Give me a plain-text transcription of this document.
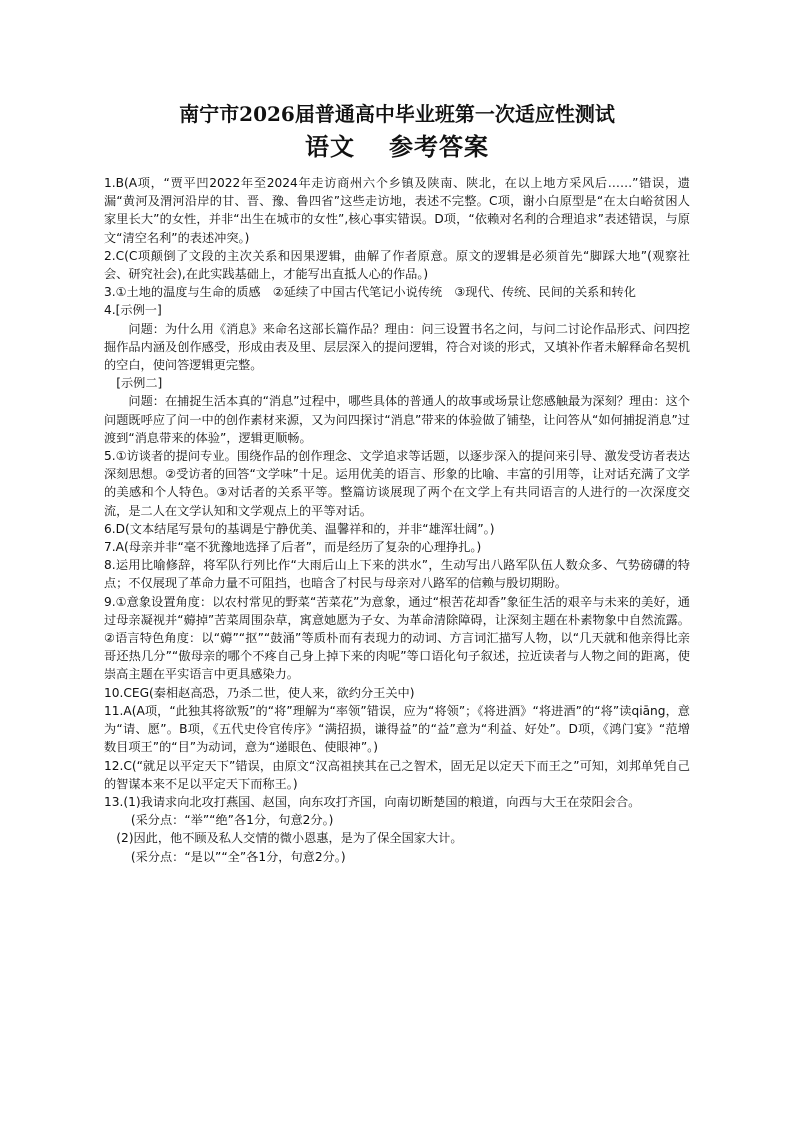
南宁市2026届普通高中毕业班第一次适应性测试
语文 参考答案

1.B(A项，“贾平凹2022年至2024年走访商州六个乡镇及陕南、陕北，在以上地方采风后……”错误，遗漏“黄河及渭河沿岸的甘、晋、豫、鲁四省”这些走访地，表述不完整。C项，谢小白原型是“在太白峪贫困人家里长大”的女性，并非“出生在城市的女性”,核心事实错误。D项，“依赖对名利的合理追求”表述错误，与原文“清空名利”的表述冲突。)

2.C(C项颠倒了文段的主次关系和因果逻辑，曲解了作者原意。原文的逻辑是必须首先“脚踩大地”(观察社会、研究社会),在此实践基础上，才能写出直抵人心的作品。)

3.①土地的温度与生命的质感　②延续了中国古代笔记小说传统　③现代、传统、民间的关系和转化

4.[示例一]

问题：为什么用《消息》来命名这部长篇作品？理由：问三设置书名之问，与问二讨论作品形式、问四挖掘作品内涵及创作感受，形成由表及里、层层深入的提问逻辑，符合对谈的形式，又填补作者未解释命名契机的空白，使问答逻辑更完整。

[示例二]

问题：在捕捉生活本真的“消息”过程中，哪些具体的普通人的故事或场景让您感触最为深刻？理由：这个问题既呼应了问一中的创作素材来源，又为问四探讨“消息”带来的体验做了铺垫，让问答从“如何捕捉消息”过渡到“消息带来的体验”，逻辑更顺畅。

5.①访谈者的提问专业。围绕作品的创作理念、文学追求等话题，以逐步深入的提问来引导、激发受访者表达深刻思想。②受访者的回答“文学味”十足。运用优美的语言、形象的比喻、丰富的引用等，让对话充满了文学的美感和个人特色。③对话者的关系平等。整篇访谈展现了两个在文学上有共同语言的人进行的一次深度交流，是二人在文学认知和文学观点上的平等对话。

6.D(文本结尾写景句的基调是宁静优美、温馨祥和的，并非“雄浑壮阔”。)

7.A(母亲并非“毫不犹豫地选择了后者”，而是经历了复杂的心理挣扎。)

8.运用比喻修辞，将军队行列比作“大雨后山上下来的洪水”，生动写出八路军队伍人数众多、气势磅礴的特点；不仅展现了革命力量不可阻挡，也暗含了村民与母亲对八路军的信赖与殷切期盼。

9.①意象设置角度：以农村常见的野菜“苦菜花”为意象，通过“根苦花却香”象征生活的艰辛与未来的美好，通过母亲凝视并“薅掉”苦菜周围杂草，寓意她愿为子女、为革命清除障碍，让深刻主题在朴素物象中自然流露。②语言特色角度：以“薅”“抠”“鼓涌”等质朴而有表现力的动词、方言词汇描写人物，以“几天就和他亲得比亲哥还热几分”“傲母亲的哪个不疼自己身上掉下来的肉呢”等口语化句子叙述，拉近读者与人物之间的距离，使崇高主题在平实语言中更具感染力。

10.CEG(秦相赵高恐，乃杀二世，使人来，欲约分王关中)

11.A(A项，“此独其将欲叛”的“将”理解为“率领”错误，应为“将领”；《将进酒》“将进酒”的“将”读qiāng，意为“请、愿”。B项，《五代史伶官传序》“满招损，谦得益”的“益”意为“利益、好处”。D项，《鸿门宴》“范增数目项王”的“目”为动词，意为“递眼色、使眼神”。)

12.C(“就足以平定天下”错误，由原文“汉高祖挟其在己之智术，固无足以定天下而王之”可知，刘邦单凭自己的智谋本来不足以平定天下而称王。)

13.(1)我请求向北攻打燕国、赵国，向东攻打齐国，向南切断楚国的粮道，向西与大王在荥阳会合。

(采分点：“举”“绝”各1分，句意2分。)

(2)因此，他不顾及私人交情的微小恩惠，是为了保全国家大计。

(采分点：“是以”“全”各1分，句意2分。)
